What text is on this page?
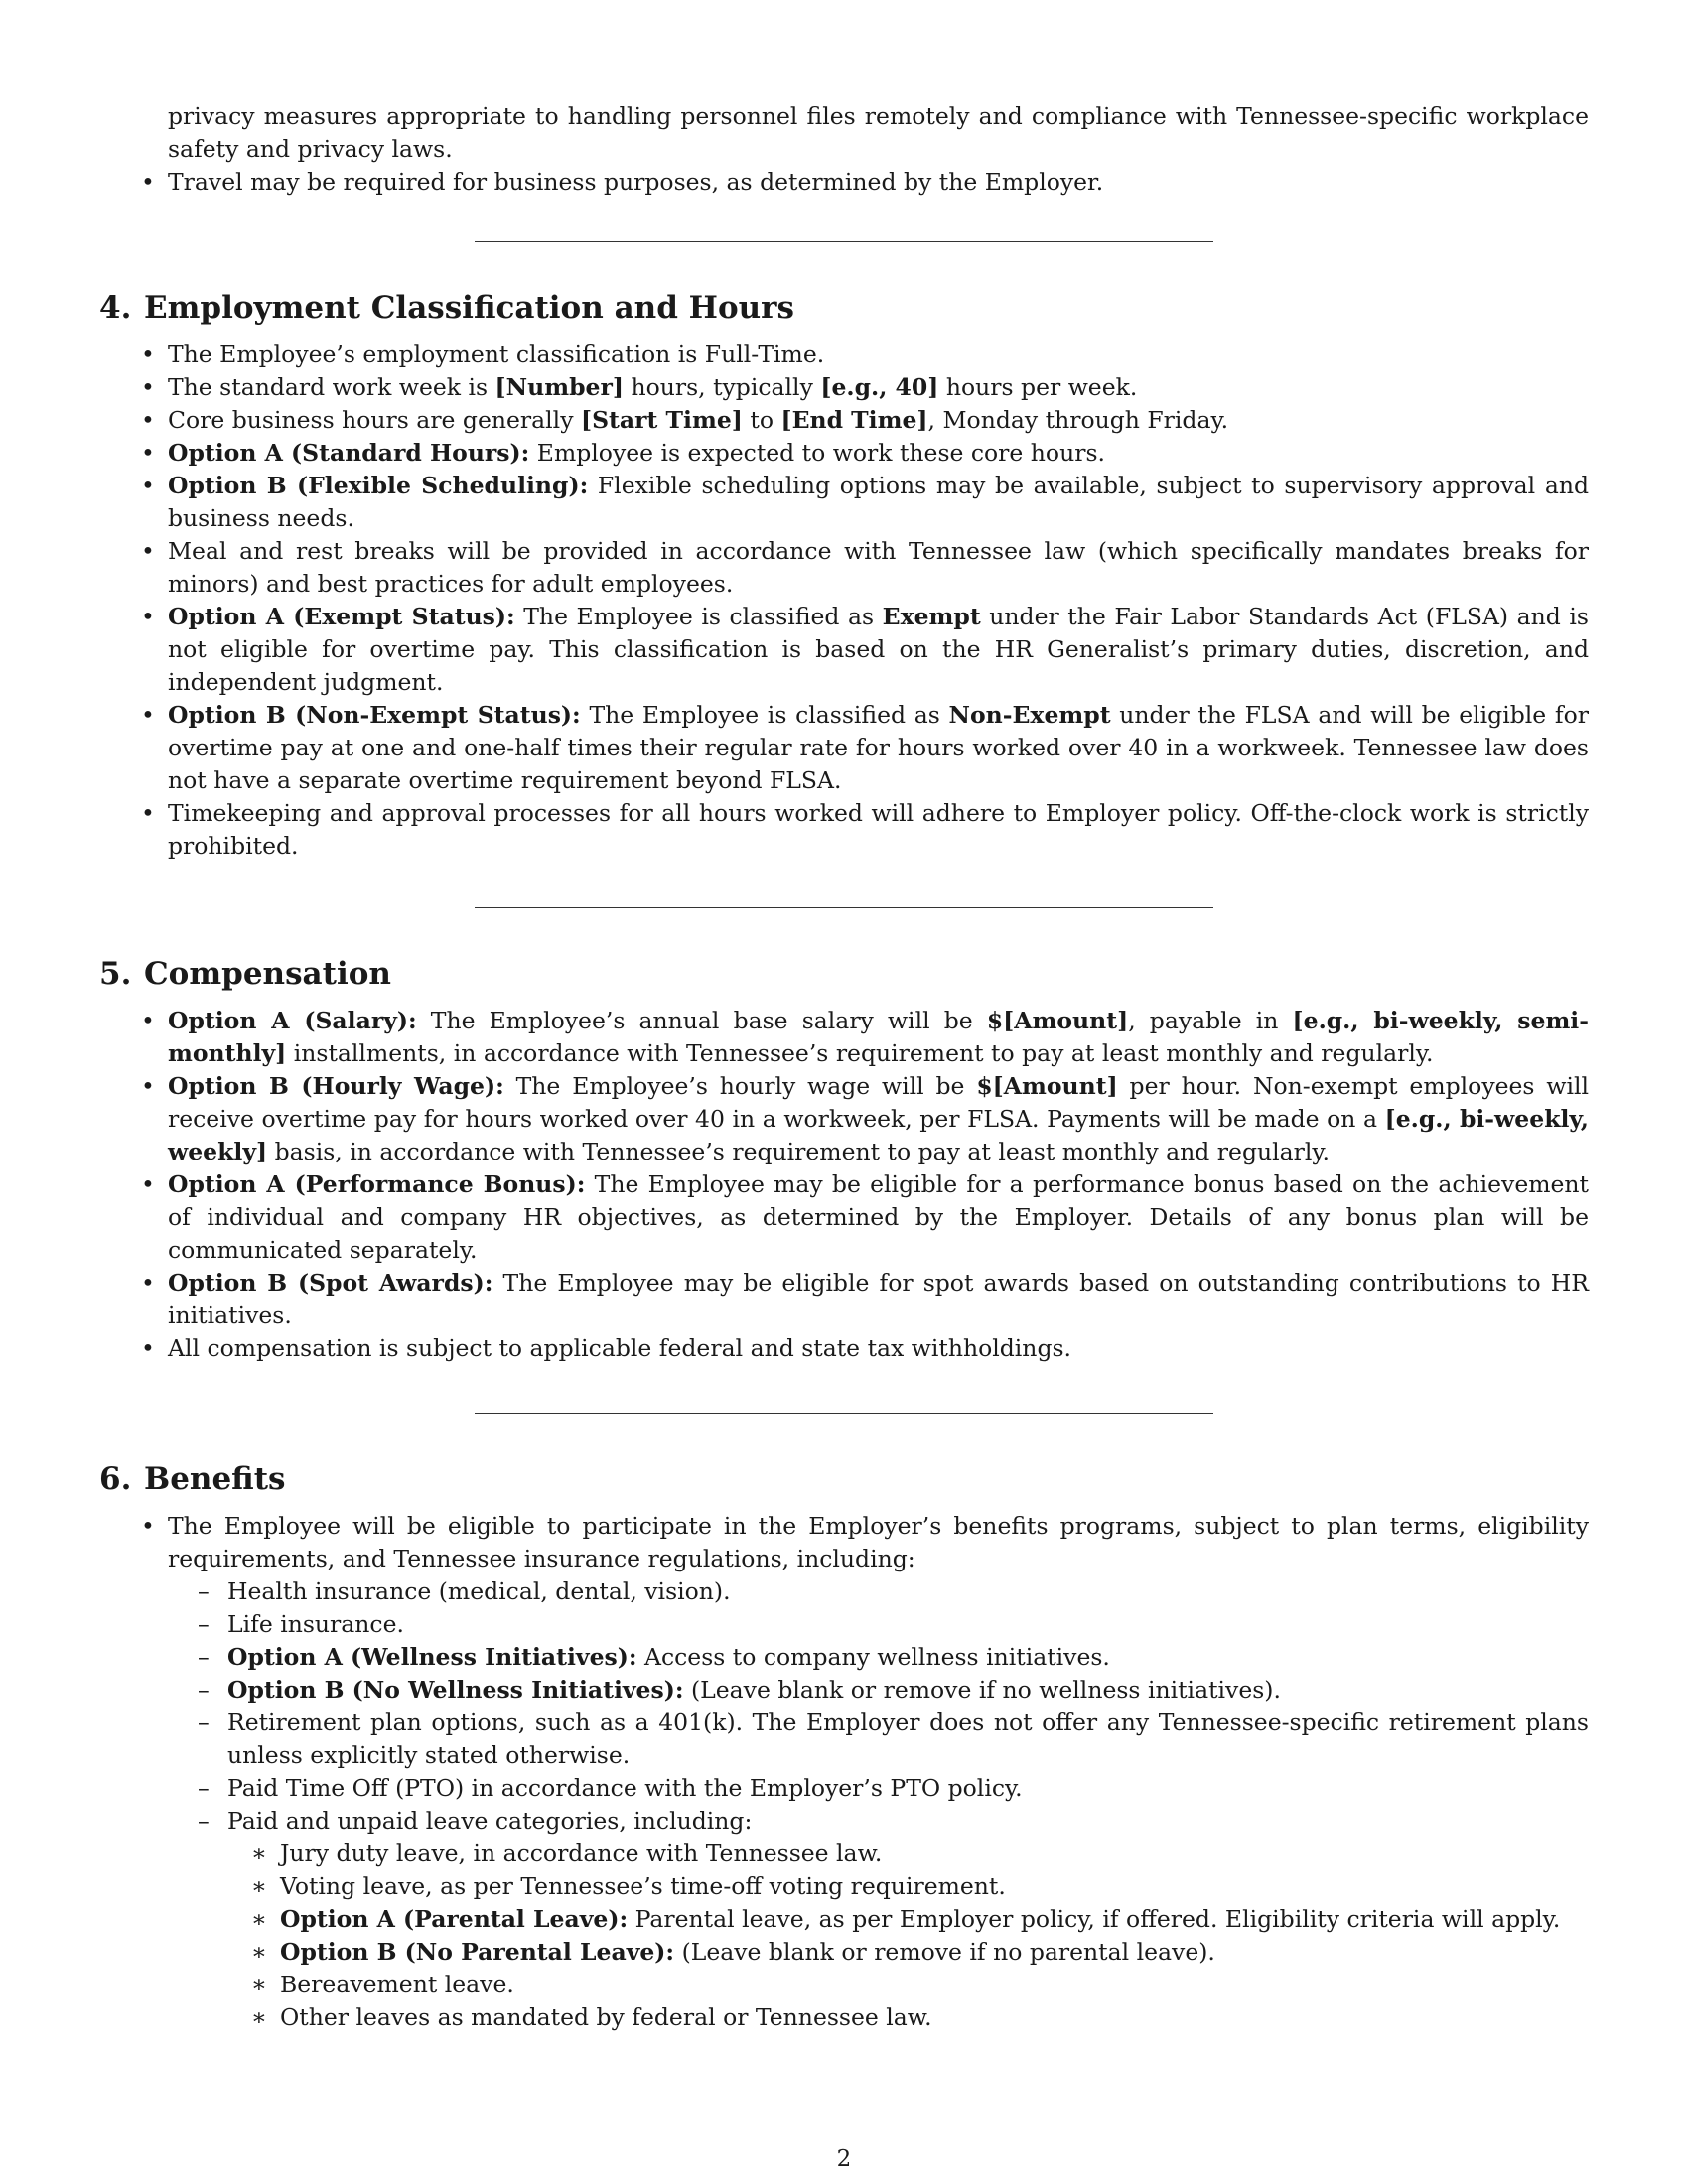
privacy measures appropriate to handling personnel files remotely and compliance with Tennessee-specific workplace safety and privacy laws.
• Travel may be required for business purposes, as determined by the Employer.
4. Employment Classification and Hours
• The Employee’s employment classification is Full-Time.
• The standard work week is [Number] hours, typically [e.g., 40] hours per week.
• Core business hours are generally [Start Time] to [End Time], Monday through Friday.
• Option A (Standard Hours): Employee is expected to work these core hours.
• Option B (Flexible Scheduling): Flexible scheduling options may be available, subject to supervisory approval and business needs.
• Meal and rest breaks will be provided in accordance with Tennessee law (which specifically mandates breaks for minors) and best practices for adult employees.
• Option A (Exempt Status): The Employee is classified as Exempt under the Fair Labor Standards Act (FLSA) and is not eligible for overtime pay. This classification is based on the HR Generalist’s primary duties, discretion, and independent judgment.
• Option B (Non-Exempt Status): The Employee is classified as Non-Exempt under the FLSA and will be eligible for overtime pay at one and one-half times their regular rate for hours worked over 40 in a workweek. Tennessee law does not have a separate overtime requirement beyond FLSA.
• Timekeeping and approval processes for all hours worked will adhere to Employer policy. Off-the-clock work is strictly prohibited.
5. Compensation
• Option A (Salary): The Employee’s annual base salary will be $[Amount], payable in [e.g., bi-weekly, semi-monthly] installments, in accordance with Tennessee’s requirement to pay at least monthly and regularly.
• Option B (Hourly Wage): The Employee’s hourly wage will be $[Amount] per hour. Non-exempt employees will receive overtime pay for hours worked over 40 in a workweek, per FLSA. Payments will be made on a [e.g., bi-weekly, weekly] basis, in accordance with Tennessee’s requirement to pay at least monthly and regularly.
• Option A (Performance Bonus): The Employee may be eligible for a performance bonus based on the achievement of individual and company HR objectives, as determined by the Employer. Details of any bonus plan will be communicated separately.
• Option B (Spot Awards): The Employee may be eligible for spot awards based on outstanding contributions to HR initiatives.
• All compensation is subject to applicable federal and state tax withholdings.
6. Benefits
• The Employee will be eligible to participate in the Employer’s benefits programs, subject to plan terms, eligibility requirements, and Tennessee insurance regulations, including:
– Health insurance (medical, dental, vision).
– Life insurance.
– Option A (Wellness Initiatives): Access to company wellness initiatives.
– Option B (No Wellness Initiatives): (Leave blank or remove if no wellness initiatives).
– Retirement plan options, such as a 401(k). The Employer does not offer any Tennessee-specific retirement plans unless explicitly stated otherwise.
– Paid Time Off (PTO) in accordance with the Employer’s PTO policy.
– Paid and unpaid leave categories, including:
∗ Jury duty leave, in accordance with Tennessee law.
∗ Voting leave, as per Tennessee’s time-off voting requirement.
∗ Option A (Parental Leave): Parental leave, as per Employer policy, if offered. Eligibility criteria will apply.
∗ Option B (No Parental Leave): (Leave blank or remove if no parental leave).
∗ Bereavement leave.
∗ Other leaves as mandated by federal or Tennessee law.
2
